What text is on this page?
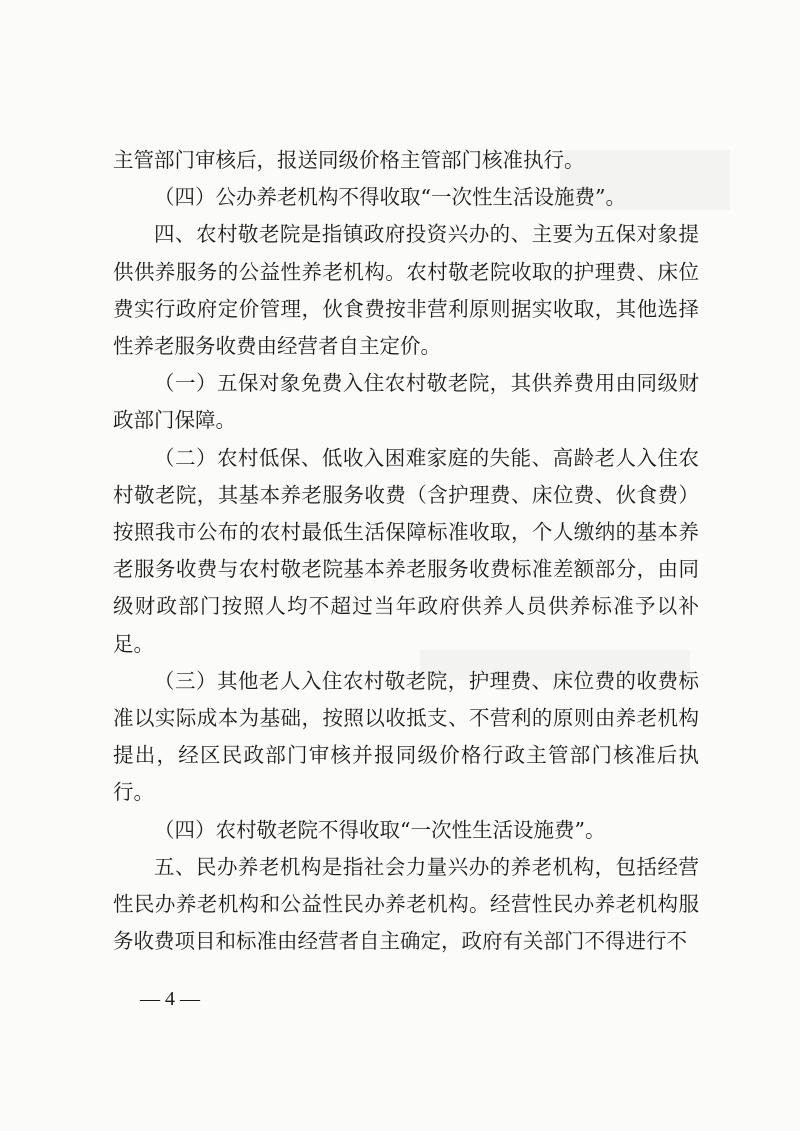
主管部门审核后，报送同级价格主管部门核准执行。

（四）公办养老机构不得收取“一次性生活设施费”。

四、农村敬老院是指镇政府投资兴办的、主要为五保对象提供供养服务的公益性养老机构。农村敬老院收取的护理费、床位费实行政府定价管理，伙食费按非营利原则据实收取，其他选择性养老服务收费由经营者自主定价。

（一）五保对象免费入住农村敬老院，其供养费用由同级财政部门保障。

（二）农村低保、低收入困难家庭的失能、高龄老人入住农村敬老院，其基本养老服务收费（含护理费、床位费、伙食费）按照我市公布的农村最低生活保障标准收取，个人缴纳的基本养老服务收费与农村敬老院基本养老服务收费标准差额部分，由同级财政部门按照人均不超过当年政府供养人员供养标准予以补足。

（三）其他老人入住农村敬老院，护理费、床位费的收费标准以实际成本为基础，按照以收抵支、不营利的原则由养老机构提出，经区民政部门审核并报同级价格行政主管部门核准后执行。

（四）农村敬老院不得收取“一次性生活设施费”。

五、民办养老机构是指社会力量兴办的养老机构，包括经营性民办养老机构和公益性民办养老机构。经营性民办养老机构服务收费项目和标准由经营者自主确定，政府有关部门不得进行不

— 4 —
